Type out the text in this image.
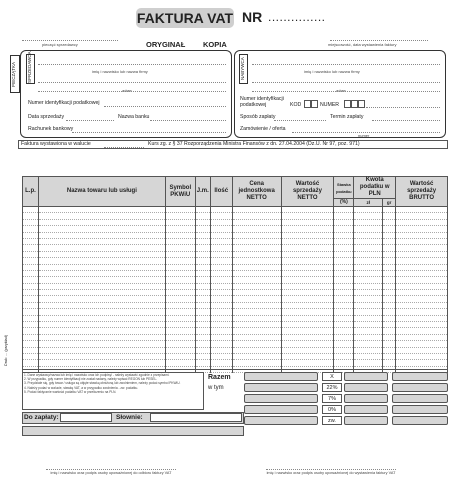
FAKTURA VAT NR ...............
pieczęć sprzedawcy	ORYGINAŁ KOPIA	miejscowość, data wystawienia faktury
PIECZĄTKA	SPRZEDAWCA	imię i nazwisko lub nazwa firmy
adres
Numer identyfikacji podatkowej
Data sprzedaży	Nazwa banku
Rachunek bankowy
NABYWCA	imię i nazwisko lub nazwa firmy
adres
Numer identyfikacji podatkowej	KOD	NUMER
Sposób zapłaty	Termin zapłaty
Zamówienie / oferta
numer
Faktura wystawiona w walucie	Kurs zg. z § 37 Rozporządzenia Ministra Finansów z dn. 27.04.2004 (Dz.U. Nr 97, poz. 971)
Druk: ... (przykład)
L.p.	Nazwa towaru lub usługi	Symbol PKWiU	J.m.	Ilość	Cena jednostkowa NETTO	Wartość sprzedaży NETTO	Stawka podatku	Kwota podatku w PLN		Wartość sprzedaży BRUTTO
							(%)	zł	gr	

Razem
w tym
X
22%
7%
0%
zw.
1. Dane wystawcy/nazwa lub imię i nazwisko oraz ich podpisy/ - należy wystawić zgodnie z przepisami.
2. W przypadku, gdy numer identyfikacji nie został nadany, należy wpisać REGON lub PESEL.
3. Przydziale się, gdy towar / usługa są objęte stawką obniżoną lub zwolnieniem, należy podać symbol PKWiU.
4. Należy podać w walucie, stawkę VAT, a w przypadku zwolnienia - zw. podatku.
5. Podać faktycznie wartości podatku VAT w przeliczeniu na PLN.
Do zapłaty:	Słownie:
imię i nazwisko oraz podpis osoby upoważnionej do odbioru faktury VAT	imię i nazwisko oraz podpis osoby upoważnionej do wystawienia faktury VAT
